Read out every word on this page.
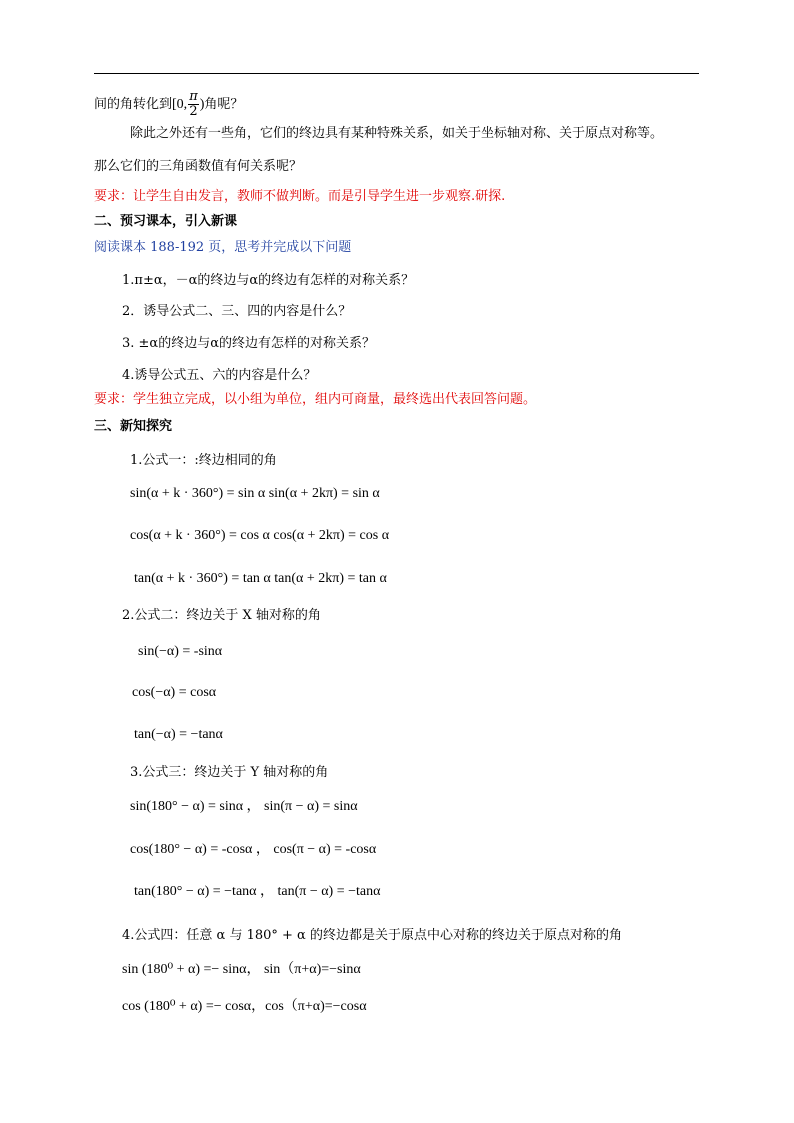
间的角转化到[0, $\frac{\pi}{2}$ )角呢？
除此之外还有一些角，它们的终边具有某种特殊关系，如关于坐标轴对称、关于原点对称等。
那么它们的三角函数值有何关系呢？
要求：让学生自由发言，教师不做判断。而是引导学生进一步观察.研探.
二、预习课本，引入新课
阅读课本 188-192 页，思考并完成以下问题
1.π±α，－α的终边与α的终边有怎样的对称关系？
2．诱导公式二、三、四的内容是什么？
3. ±α的终边与α的终边有怎样的对称关系？
4.诱导公式五、六的内容是什么？
要求：学生独立完成，以小组为单位，组内可商量，最终选出代表回答问题。
三、新知探究
1.公式一：:终边相同的角
sin(α + k · 360°) = sin α sin(α + 2kπ) = sin α
cos(α + k · 360°) = cos α cos(α + 2kπ) = cos α
tan(α + k · 360°) = tan α tan(α + 2kπ) = tan α
2.公式二：终边关于 X 轴对称的角
sin(−α) = -sinα
cos(−α) = cosα
tan(−α) = −tanα
3.公式三：终边关于 Y 轴对称的角
sin(180° − α) = sinα ， sin(π − α) = sinα
cos(180° − α) = -cosα ， cos(π − α) = -cosα
tan(180° − α) = −tanα ， tan(π − α) = −tanα
4.公式四：任意 α 与 180° + α 的终边都是关于原点中心对称的终边关于原点对称的角
sin (180⁰ + α) =− sinα， sin（π+α)=−sinα
cos (180⁰ + α) =− cosα，cos（π+α)=−cosα
